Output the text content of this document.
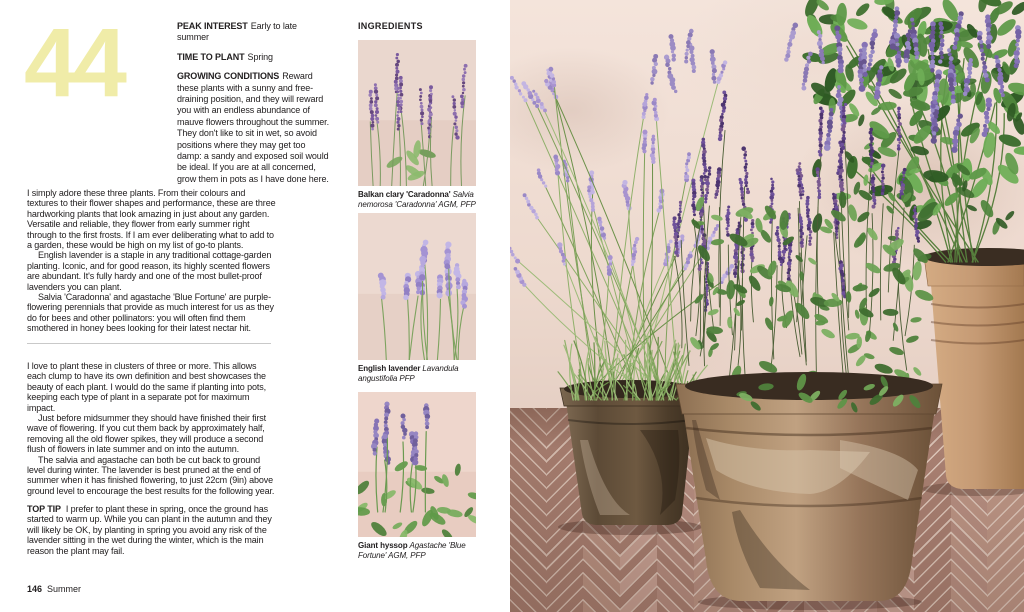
44	PEAK INTEREST Early to late summer

TIME TO PLANT Spring

GROWING CONDITIONS Reward these plants with a sunny and free-draining position, and they will reward you with an endless abundance of mauve flowers throughout the summer. They don't like to sit in wet, so avoid positions where they may get too damp: a sandy and exposed soil would be ideal. If you are at all concerned, grow them in pots as I have done here.

I simply adore these three plants. From their colours and textures to their flower shapes and performance, these are three hardworking plants that look amazing in just about any garden. Versatile and reliable, they flower from early summer right through to the first frosts. If I am ever deliberating what to add to a garden, these would be high on my list of go-to plants.

English lavender is a staple in any traditional cottage-garden planting. Iconic, and for good reason, its highly scented flowers are abundant. It's fully hardy and one of the most bullet-proof lavenders you can plant.

Salvia 'Caradonna' and agastache 'Blue Fortune' are purple-flowering perennials that provide as much interest for us as they do for bees and other pollinators: you will often find them smothered in honey bees looking for their latest nectar hit.

I love to plant these in clusters of three or more. This allows each clump to have its own definition and best showcases the beauty of each plant. I would do the same if planting into pots, keeping each type of plant in a separate pot for maximum impact.

Just before midsummer they should have finished their first wave of flowering. If you cut them back by approximately half, removing all the old flower spikes, they will produce a second flush of flowers in late summer and on into the autumn.

The salvia and agastache can both be cut back to ground level during winter. The lavender is best pruned at the end of summer when it has finished flowering, to just 22cm (9in) above ground level to encourage the best results for the following year.

TOP TIP I prefer to plant these in spring, once the ground has started to warm up. While you can plant in the autumn and they will likely be OK, by planting in spring you avoid any risk of the lavender sitting in the wet during the winter, which is the main reason the plant may fail.

146 Summer
INGREDIENTS
Balkan clary 'Caradonna' Salvia nemorosa 'Caradonna' AGM, PFP
English lavender Lavandula angustifolia PFP
Giant hyssop Agastache 'Blue Fortune' AGM, PFP
